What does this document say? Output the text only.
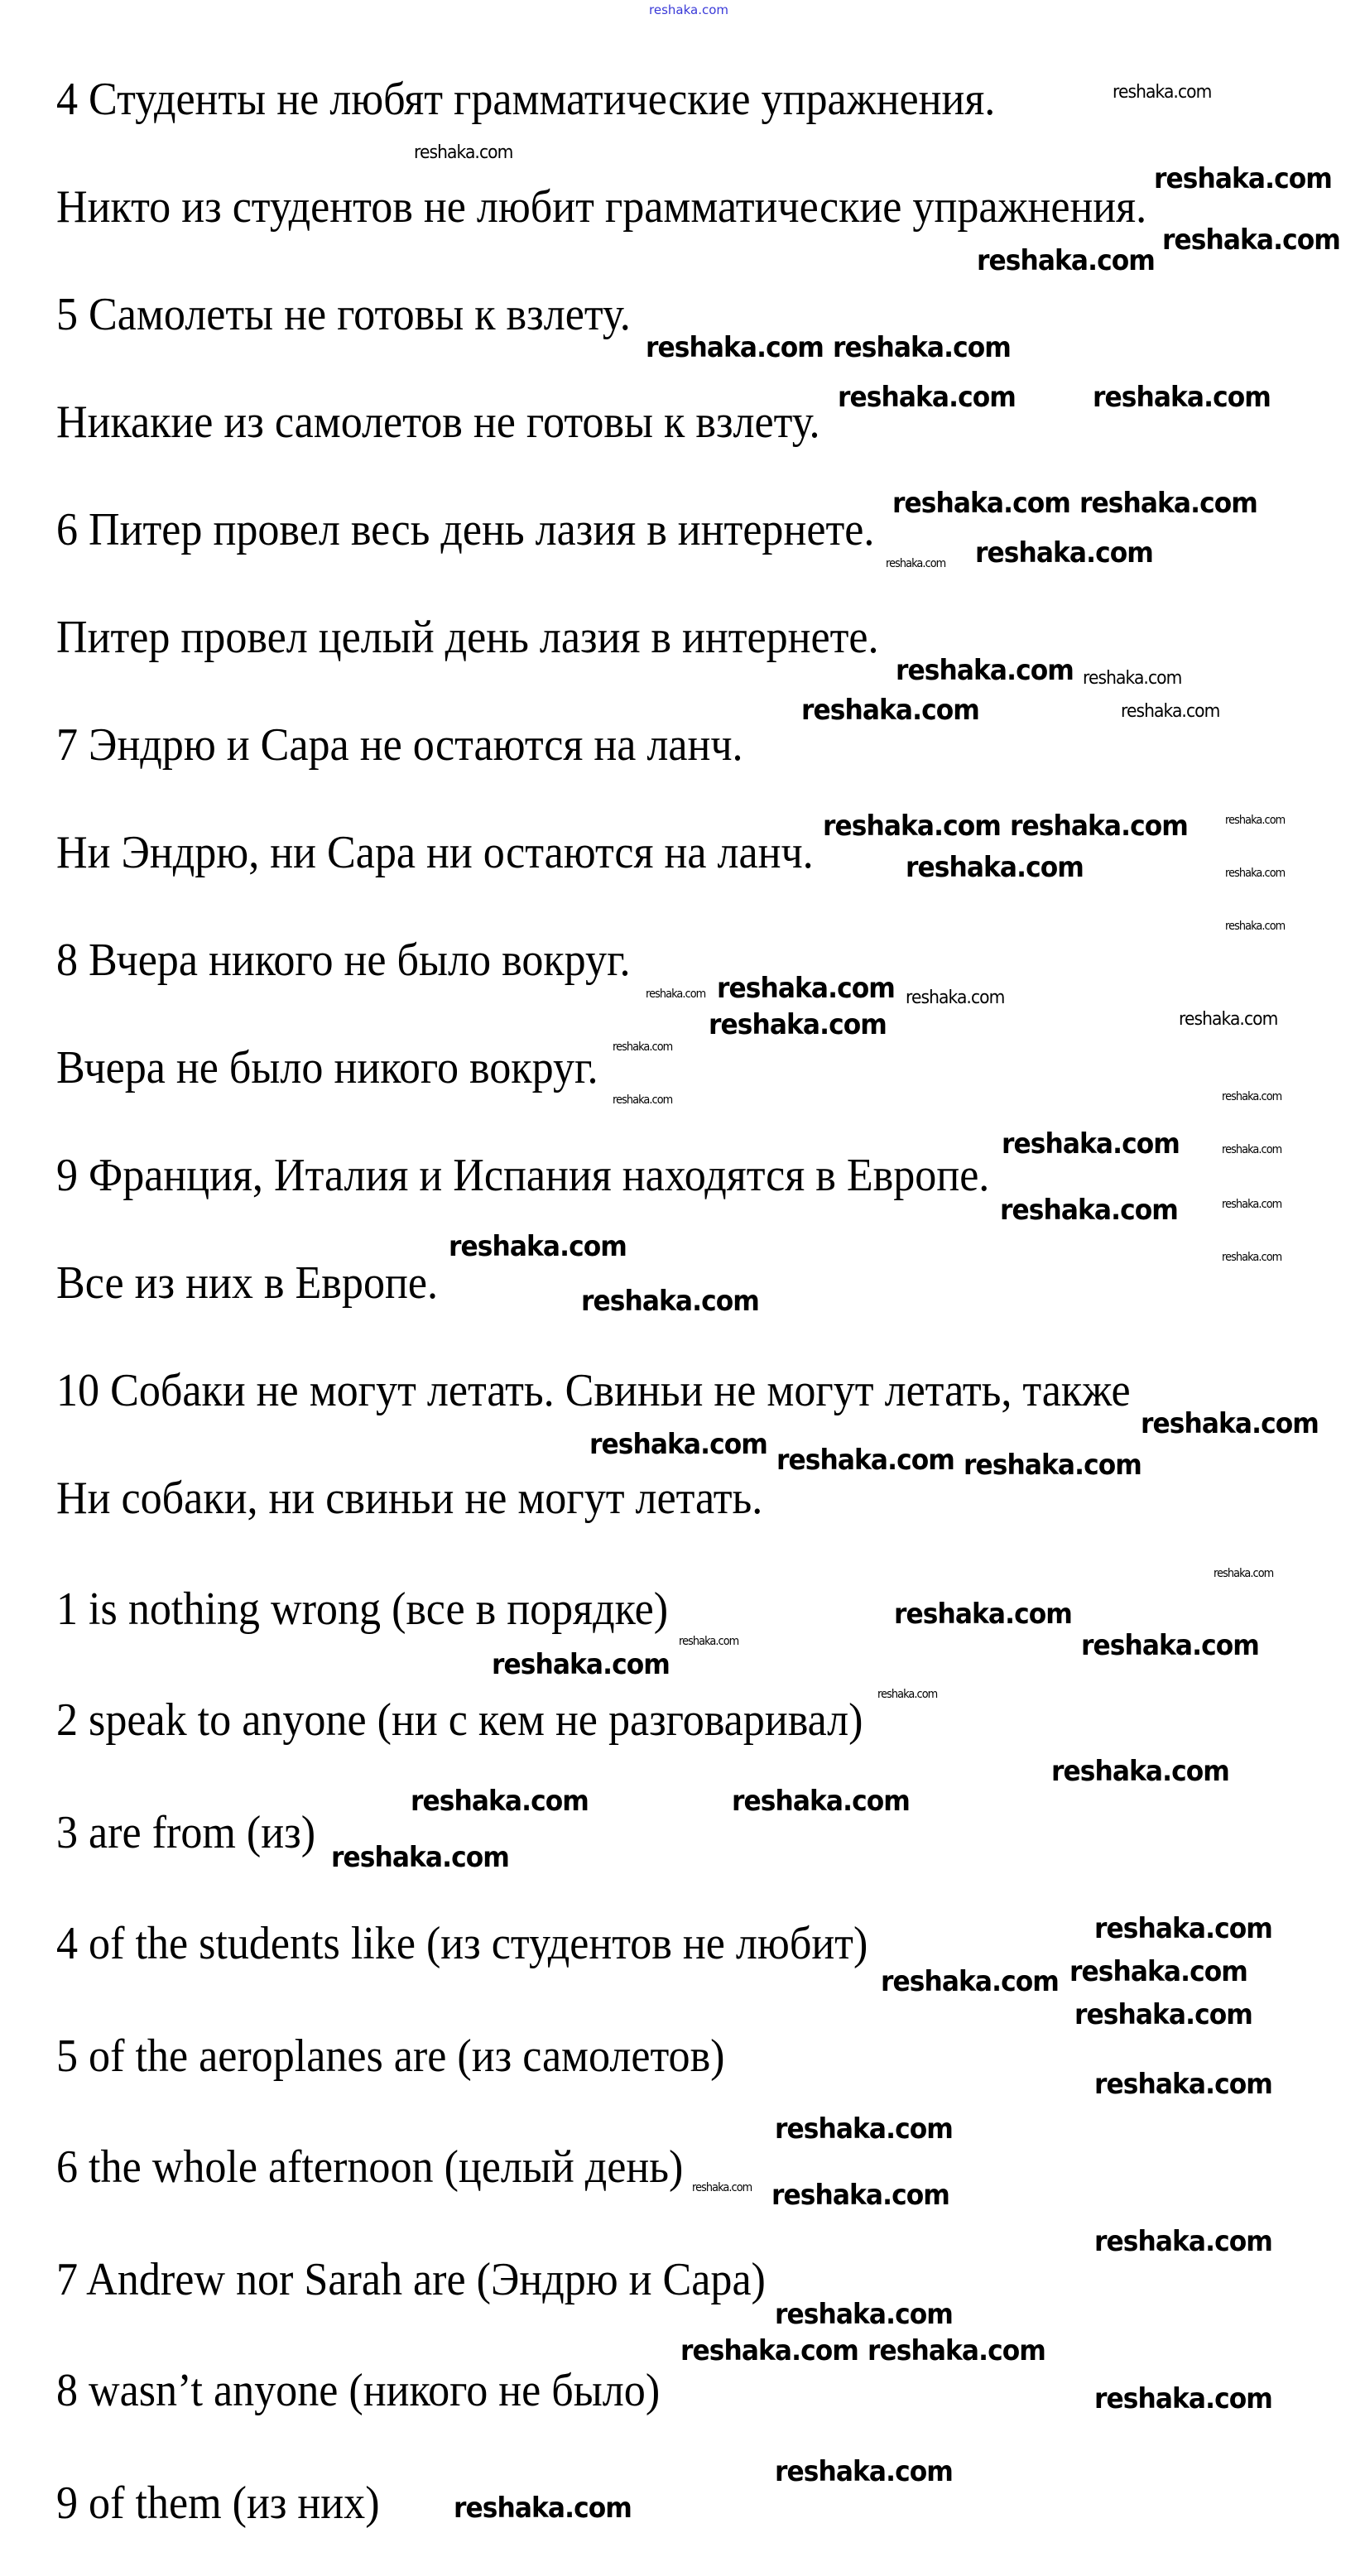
reshaka.com
4 Студенты не любят грамматические упражнения.
Никто из студентов не любит грамматические упражнения.
5 Самолеты не готовы к взлету.
Никакие из самолетов не готовы к взлету.
6 Питер провел весь день лазия в интернете.
Питер провел целый день лазия в интернете.
7 Эндрю и Сара не остаются на ланч.
Ни Эндрю, ни Сара ни остаются на ланч.
8 Вчера никого не было вокруг.
Вчера не было никого вокруг.
9 Франция, Италия и Испания находятся в Европе.
Все из них в Европе.
10 Собаки не могут летать. Свиньи не могут летать, также
Ни собаки, ни свиньи не могут летать.
1 is nothing wrong (все в порядке)
2 speak to anyone (ни с кем не разговаривал)
3 are from (из)
4 of the students like (из студентов не любит)
5 of the aeroplanes are (из самолетов)
6 the whole afternoon (целый день)
7 Andrew nor Sarah are (Эндрю и Сара)
8 wasn’t anyone (никого не было)
9 of them (из них)
reshaka.com
reshaka.com
reshaka.com
reshaka.com
reshaka.com
reshaka.com reshaka.com
reshaka.com	reshaka.com
reshaka.com reshaka.com
reshaka.com reshaka.com
reshaka.com reshaka.com
reshaka.com	reshaka.com
reshaka.com reshaka.com	reshaka.com
reshaka.com	reshaka.com
reshaka.com
reshaka.com reshaka.com reshaka.com
reshaka.com	reshaka.com
reshaka.com
reshaka.com
reshaka.com
reshaka.com	reshaka.com
reshaka.com	reshaka.com
reshaka.com	reshaka.com
reshaka.com
reshaka.com
reshaka.com reshaka.com
reshaka.com
reshaka.com
reshaka.com
reshaka.com	reshaka.com
reshaka.com
reshaka.com
reshaka.com
reshaka.com	reshaka.com
reshaka.com
reshaka.com
reshaka.com reshaka.com
reshaka.com
reshaka.com
reshaka.com
reshaka.com reshaka.com
reshaka.com
reshaka.com
reshaka.com reshaka.com
reshaka.com
reshaka.com
reshaka.com
